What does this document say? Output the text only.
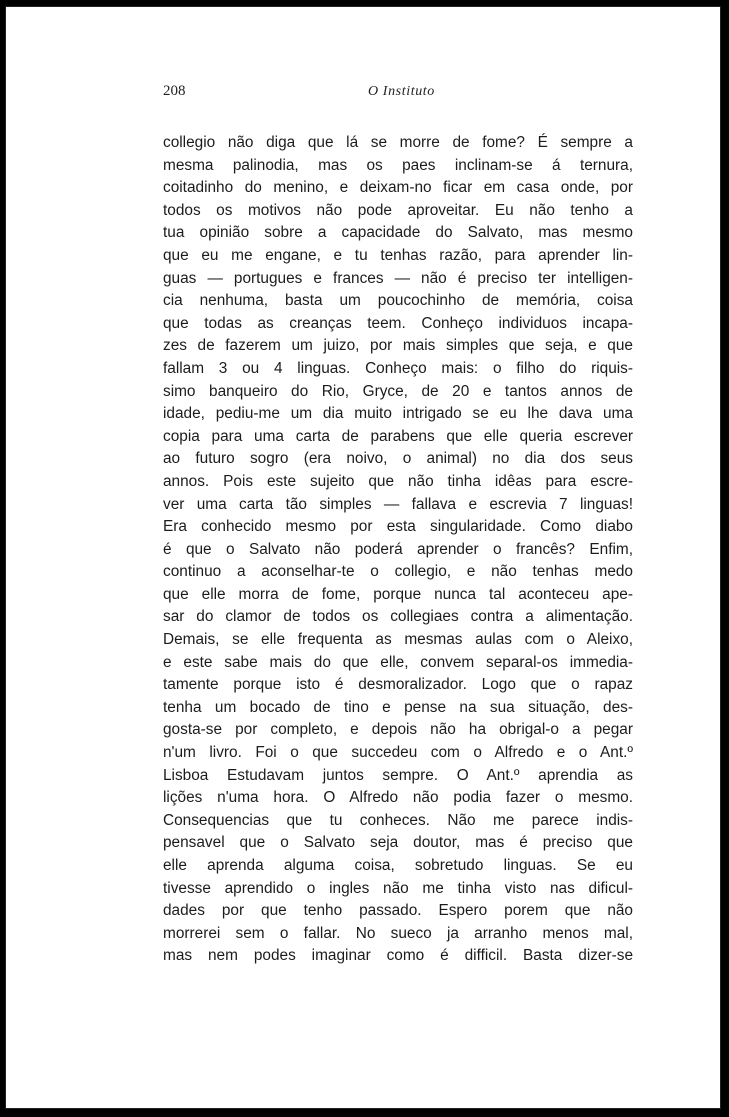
208	O Instituto
collegio não diga que lá se morre de fome? É sempre a
mesma palinodia, mas os paes inclinam-se á ternura,
coitadinho do menino, e deixam-no ficar em casa onde, por
todos os motivos não pode aproveitar. Eu não tenho a
tua opinião sobre a capacidade do Salvato, mas mesmo
que eu me engane, e tu tenhas razão, para aprender lin-
guas — portugues e frances — não é preciso ter intelligen-
cia nenhuma, basta um poucochinho de memória, coisa
que todas as creanças teem. Conheço individuos incapa-
zes de fazerem um juizo, por mais simples que seja, e que
fallam 3 ou 4 linguas. Conheço mais: o filho do riquis-
simo banqueiro do Rio, Gryce, de 20 e tantos annos de
idade, pediu-me um dia muito intrigado se eu lhe dava uma
copia para uma carta de parabens que elle queria escrever
ao futuro sogro (era noivo, o animal) no dia dos seus
annos. Pois este sujeito que não tinha idêas para escre-
ver uma carta tão simples — fallava e escrevia 7 linguas!
Era conhecido mesmo por esta singularidade. Como diabo
é que o Salvato não poderá aprender o francês? Enfim,
continuo a aconselhar-te o collegio, e não tenhas medo
que elle morra de fome, porque nunca tal aconteceu ape-
sar do clamor de todos os collegiaes contra a alimentação.
Demais, se elle frequenta as mesmas aulas com o Aleixo,
e este sabe mais do que elle, convem separal-os immedia-
tamente porque isto é desmoralizador. Logo que o rapaz
tenha um bocado de tino e pense na sua situação, des-
gosta-se por completo, e depois não ha obrigal-o a pegar
n'um livro. Foi o que succedeu com o Alfredo e o Ant.º
Lisboa Estudavam juntos sempre. O Ant.º aprendia as
lições n'uma hora. O Alfredo não podia fazer o mesmo.
Consequencias que tu conheces. Não me parece indis-
pensavel que o Salvato seja doutor, mas é preciso que
elle aprenda alguma coisa, sobretudo linguas. Se eu
tivesse aprendido o ingles não me tinha visto nas dificul-
dades por que tenho passado. Espero porem que não
morrerei sem o fallar. No sueco ja arranho menos mal,
mas nem podes imaginar como é difficil. Basta dizer-se
